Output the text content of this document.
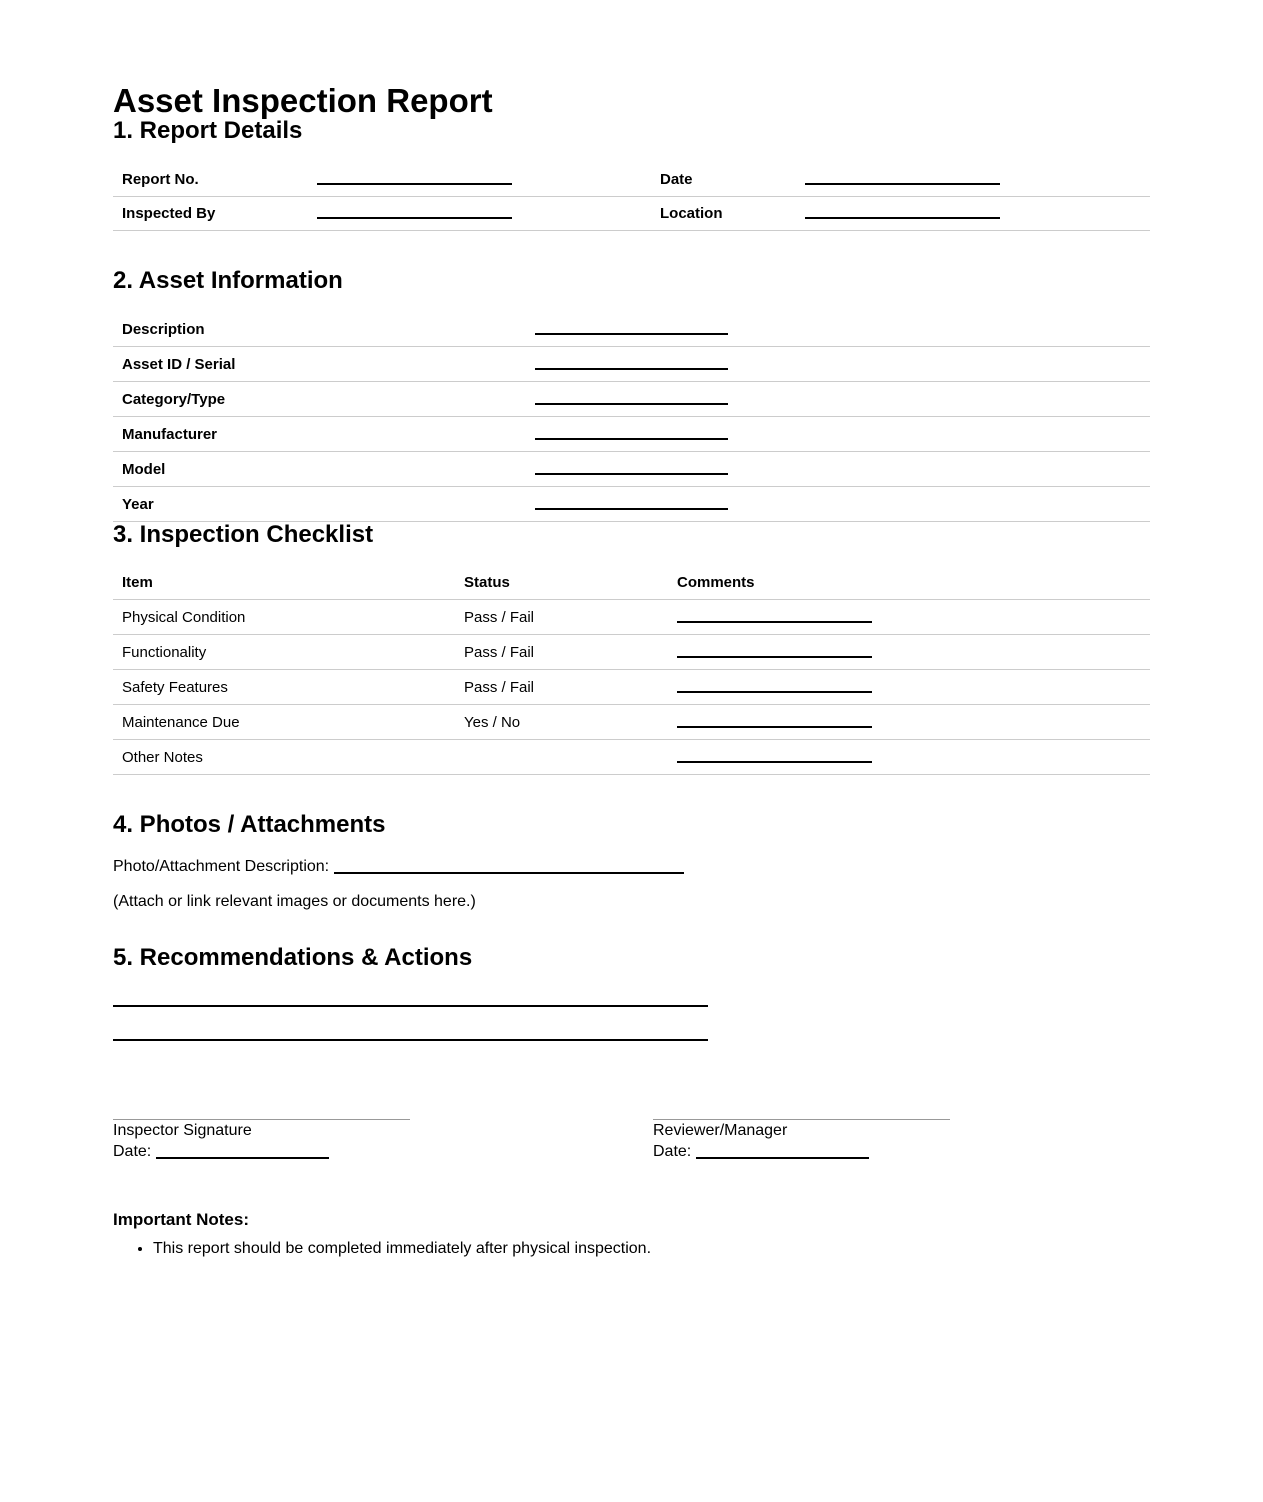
Asset Inspection Report
1. Report Details
Report No.	Date
Inspected By	Location
2. Asset Information
Description
Asset ID / Serial
Category/Type
Manufacturer
Model
Year
3. Inspection Checklist
Item	Status	Comments
Physical Condition	Pass / Fail
Functionality	Pass / Fail
Safety Features	Pass / Fail
Maintenance Due	Yes / No
Other Notes
4. Photos / Attachments
Photo/Attachment Description:
(Attach or link relevant images or documents here.)
5. Recommendations & Actions
Inspector Signature
Date:
Reviewer/Manager
Date:
Important Notes:
• This report should be completed immediately after physical inspection.
